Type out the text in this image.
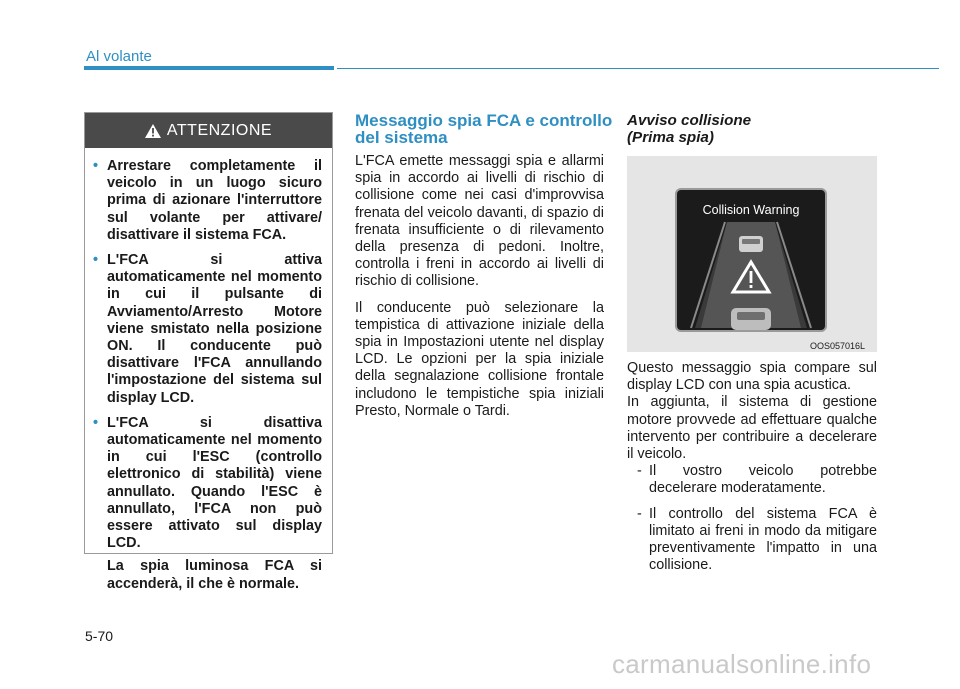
Al volante
ATTENZIONE
• Arrestare completamente il veicolo in un luogo sicuro prima di azionare l'interruttore sul volante per attivare/ disattivare il sistema FCA.
• L'FCA si attiva automaticamente nel momento in cui il pulsante di Avviamento/Arresto Motore viene smistato nella posizione ON. Il conducente può disattivare l'FCA annullando l'impostazione del sistema sul display LCD.
• L'FCA si disattiva automaticamente nel momento in cui l'ESC (controllo elettronico di stabilità) viene annullato. Quando l'ESC è annullato, l'FCA non può essere attivato sul display LCD.
La spia luminosa FCA si accenderà, il che è normale.
Messaggio spia FCA e controllo del sistema

L'FCA emette messaggi spia e allarmi spia in accordo ai livelli di rischio di collisione come nei casi d'improvvisa frenata del veicolo davanti, di spazio di frenata insufficiente o di rilevamento della presenza di pedoni. Inoltre, controlla i freni in accordo ai livelli di rischio di collisione.

Il conducente può selezionare la tempistica di attivazione iniziale della spia in Impostazioni utente nel display LCD. Le opzioni per la spia iniziale della segnalazione collisione frontale includono le tempistiche spia iniziali Presto, Normale o Tardi.

Avviso collisione
(Prima spia)
Collision Warning
OOS057016L

Questo messaggio spia compare sul display LCD con una spia acustica.

In aggiunta, il sistema di gestione motore provvede ad effettuare qualche intervento per contribuire a decelerare il veicolo.

- Il vostro veicolo potrebbe decelerare moderatamente.
- Il controllo del sistema FCA è limitato ai freni in modo da mitigare preventivamente l'impatto in una collisione.
5-70
carmanualsonline.info
